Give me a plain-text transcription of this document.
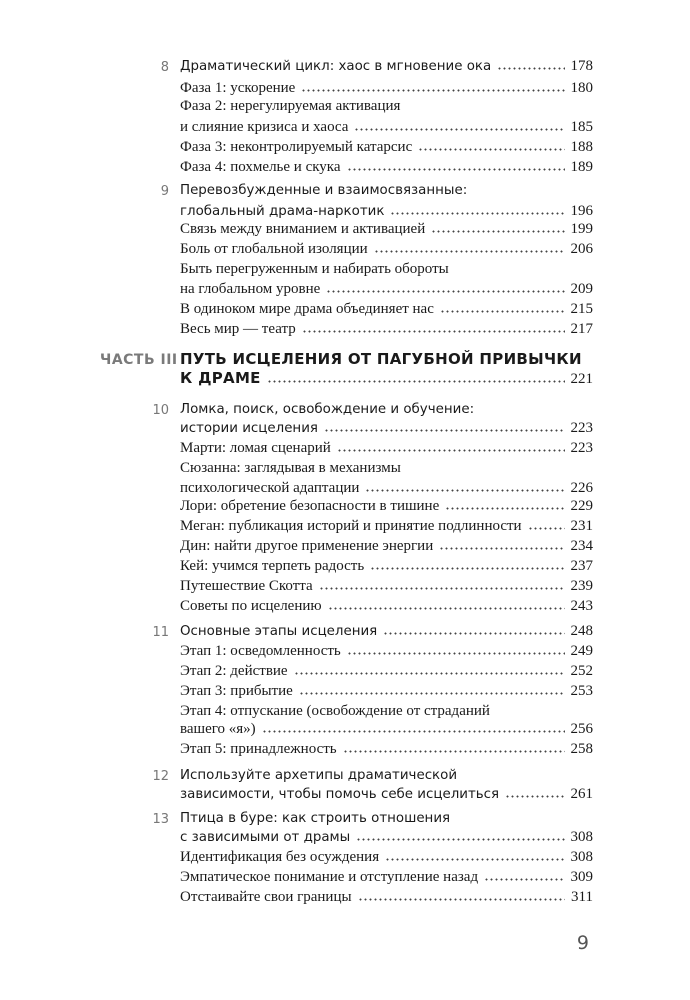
8 Драматический цикл: хаос в мгновение ока	178
Фаза 1: ускорение	180
Фаза 2: нерегулируемая активация
и слияние кризиса и хаоса	185
Фаза 3: неконтролируемый катарсис	188
Фаза 4: похмелье и скука	189
9 Перевозбужденные и взаимосвязанные:
глобальный драма-наркотик	196
Связь между вниманием и активацией	199
Боль от глобальной изоляции	206
Быть перегруженным и набирать обороты
на глобальном уровне	209
В одиноком мире драма объединяет нас	215
Весь мир — театр	217
ЧАСТЬ III ПУТЬ ИСЦЕЛЕНИЯ ОТ ПАГУБНОЙ ПРИВЫЧКИ
К ДРАМЕ	221
10 Ломка, поиск, освобождение и обучение:
истории исцеления	223
Марти: ломая сценарий	223
Сюзанна: заглядывая в механизмы
психологической адаптации	226
Лори: обретение безопасности в тишине	229
Меган: публикация историй и принятие подлинности	231
Дин: найти другое применение энергии	234
Кей: учимся терпеть радость	237
Путешествие Скотта	239
Советы по исцелению	243
11 Основные этапы исцеления	248
Этап 1: осведомленность	249
Этап 2: действие	252
Этап 3: прибытие	253
Этап 4: отпускание (освобождение от страданий
вашего «я»)	256
Этап 5: принадлежность	258
12 Используйте архетипы драматической
зависимости, чтобы помочь себе исцелиться	261
13 Птица в буре: как строить отношения
с зависимыми от драмы	308
Идентификация без осуждения	308
Эмпатическое понимание и отступление назад	309
Отстаивайте свои границы	311
9
